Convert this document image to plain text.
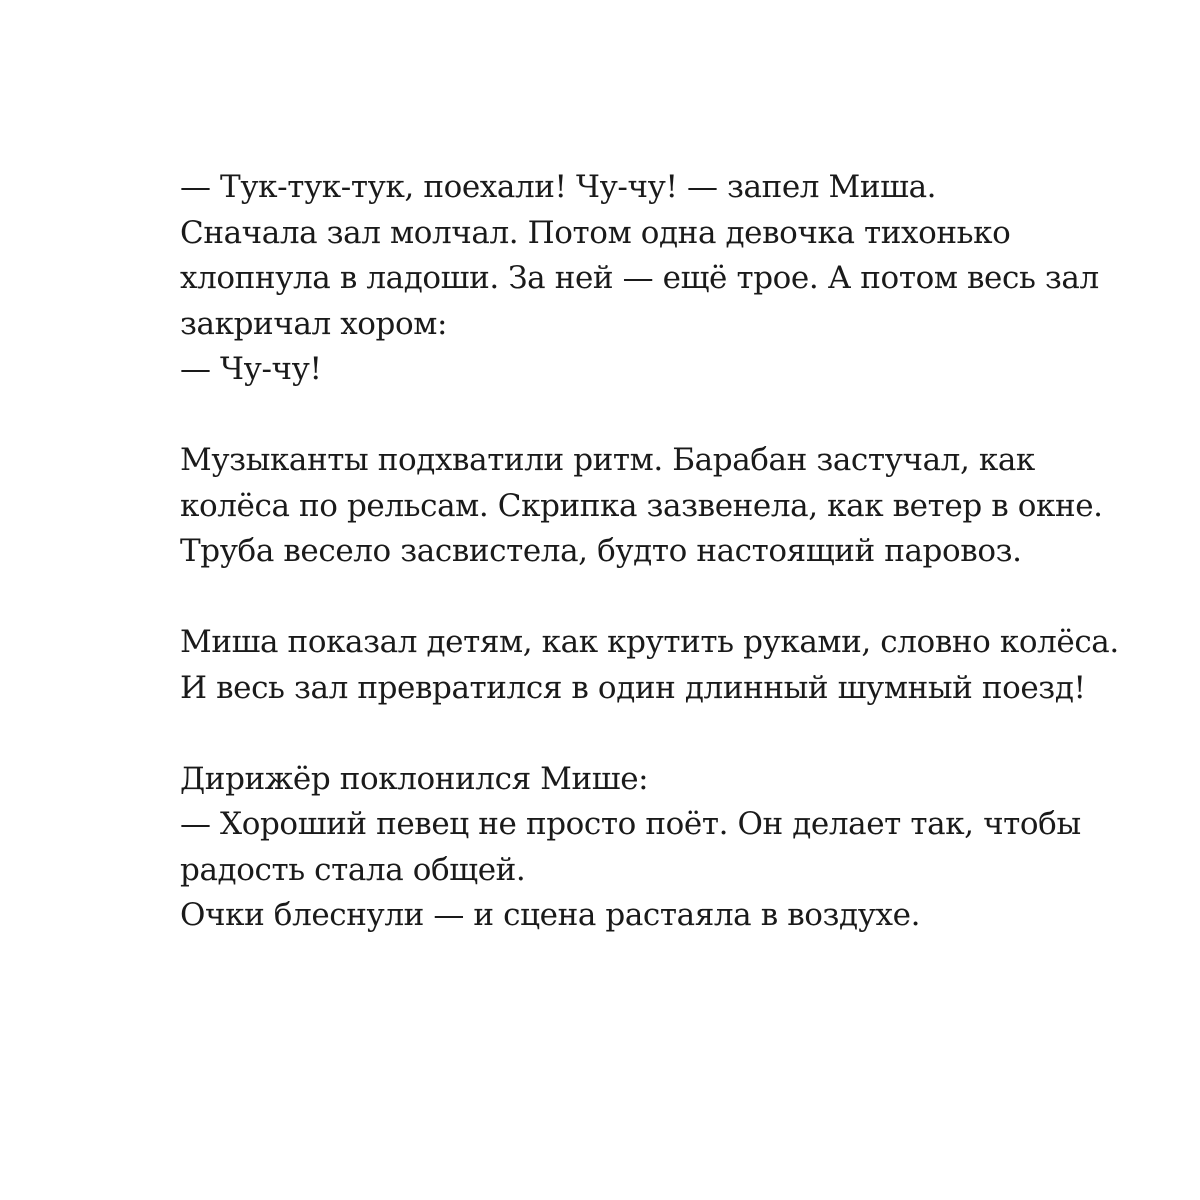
— Тук-тук-тук, поехали! Чу-чу! — запел Миша.
Сначала зал молчал. Потом одна девочка тихонько
хлопнула в ладоши. За ней — ещё трое. А потом весь зал
закричал хором:
— Чу-чу!

Музыканты подхватили ритм. Барабан застучал, как
колёса по рельсам. Скрипка зазвенела, как ветер в окне.
Труба весело засвистела, будто настоящий паровоз.

Миша показал детям, как крутить руками, словно колёса.
И весь зал превратился в один длинный шумный поезд!

Дирижёр поклонился Мише:
— Хороший певец не просто поёт. Он делает так, чтобы
радость стала общей.
Очки блеснули — и сцена растаяла в воздухе.
